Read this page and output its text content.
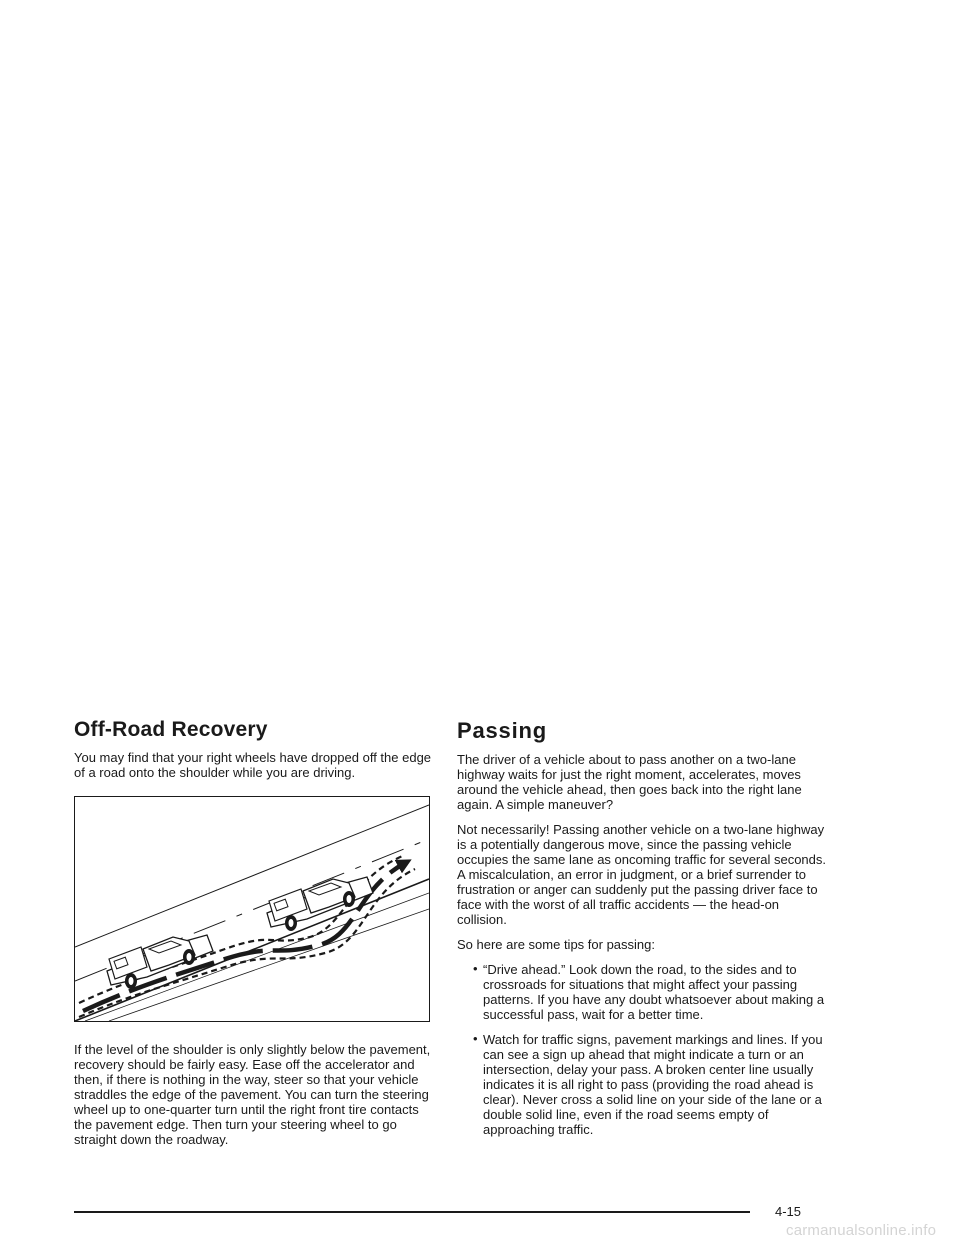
Off-Road Recovery

You may find that your right wheels have dropped off the edge of a road onto the shoulder while you are driving.

If the level of the shoulder is only slightly below the pavement, recovery should be fairly easy. Ease off the accelerator and then, if there is nothing in the way, steer so that your vehicle straddles the edge of the pavement. You can turn the steering wheel up to one-quarter turn until the right front tire contacts the pavement edge. Then turn your steering wheel to go straight down the roadway.

Passing

The driver of a vehicle about to pass another on a two-lane highway waits for just the right moment, accelerates, moves around the vehicle ahead, then goes back into the right lane again. A simple maneuver?

Not necessarily! Passing another vehicle on a two-lane highway is a potentially dangerous move, since the passing vehicle occupies the same lane as oncoming traffic for several seconds. A miscalculation, an error in judgment, or a brief surrender to frustration or anger can suddenly put the passing driver face to face with the worst of all traffic accidents — the head-on collision.

So here are some tips for passing:

• “Drive ahead.” Look down the road, to the sides and to crossroads for situations that might affect your passing patterns. If you have any doubt whatsoever about making a successful pass, wait for a better time.
• Watch for traffic signs, pavement markings and lines. If you can see a sign up ahead that might indicate a turn or an intersection, delay your pass. A broken center line usually indicates it is all right to pass (providing the road ahead is clear). Never cross a solid line on your side of the lane or a double solid line, even if the road seems empty of approaching traffic.
4-15
carmanualsonline.info
